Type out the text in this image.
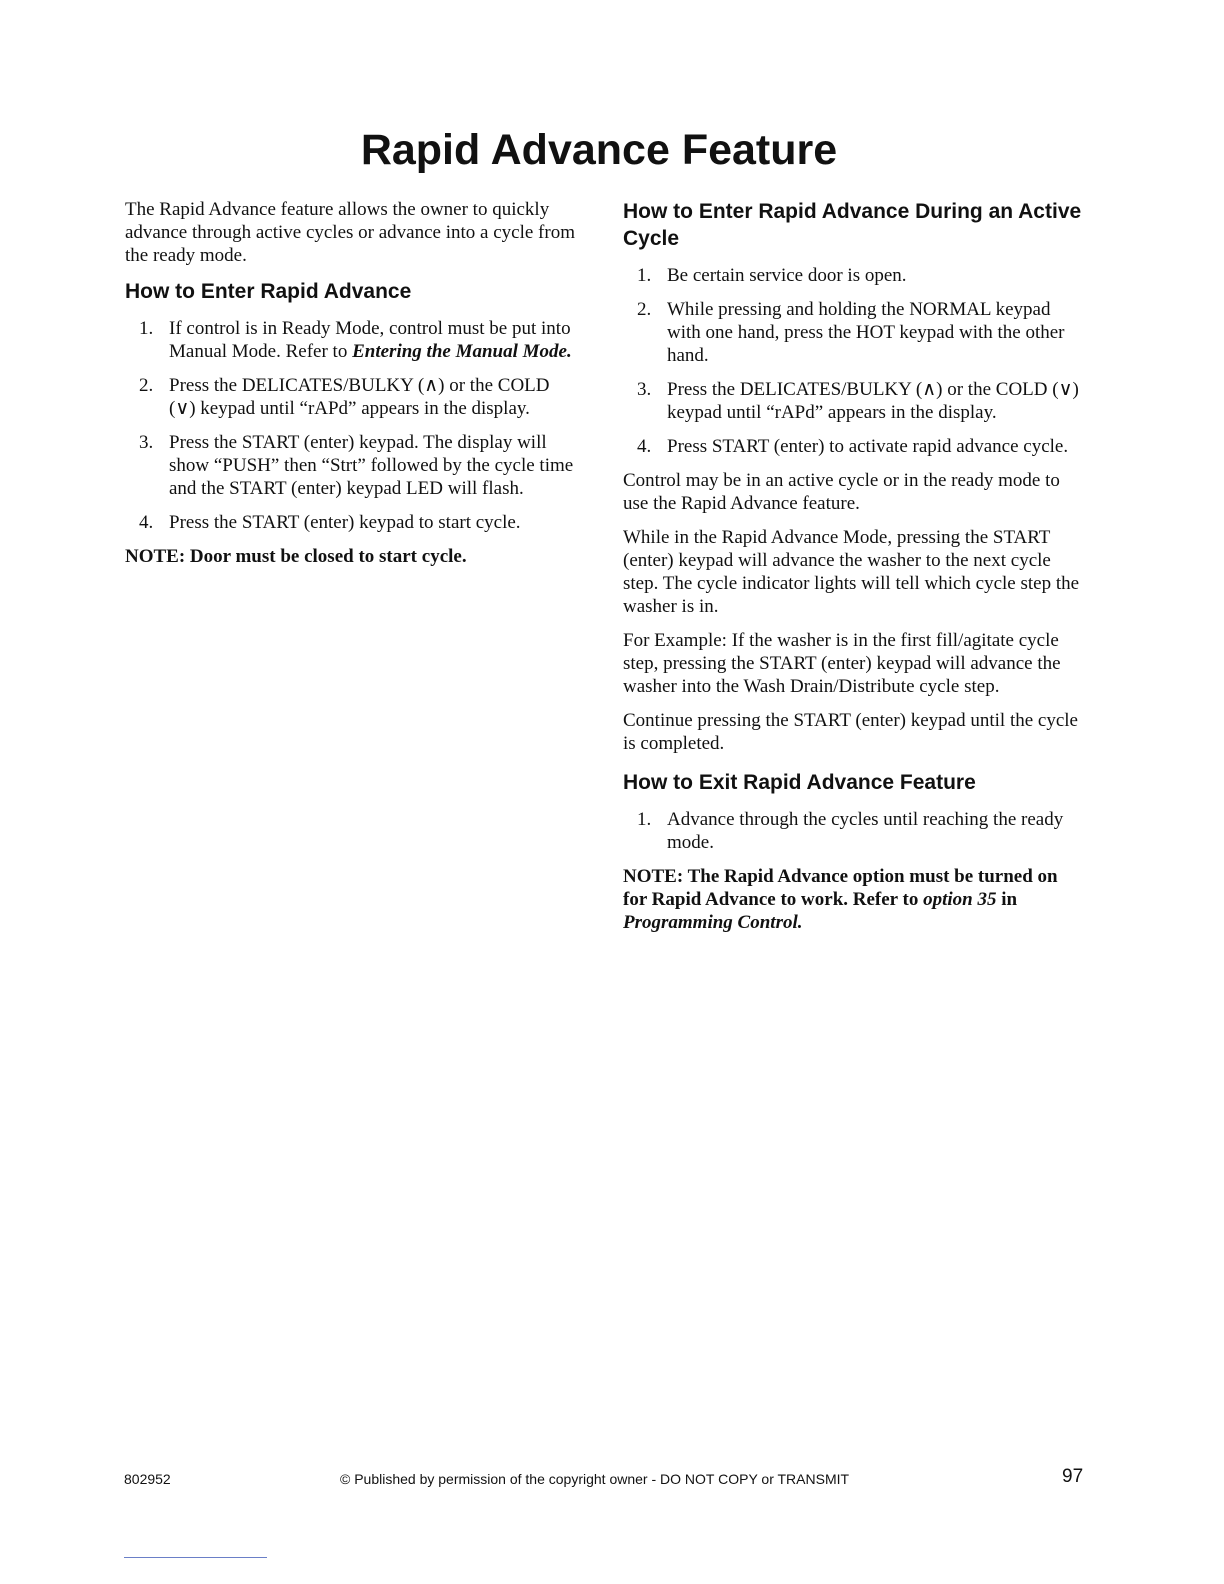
Rapid Advance Feature

The Rapid Advance feature allows the owner to quickly advance through active cycles or advance into a cycle from the ready mode.

How to Enter Rapid Advance
1. If control is in Ready Mode, control must be put into Manual Mode. Refer to Entering the Manual Mode.
2. Press the DELICATES/BULKY (∧) or the COLD (∨) keypad until “rAPd” appears in the display.
3. Press the START (enter) keypad. The display will show “PUSH” then “Strt” followed by the cycle time and the START (enter) keypad LED will flash.
4. Press the START (enter) keypad to start cycle.

NOTE: Door must be closed to start cycle.

How to Enter Rapid Advance During an Active Cycle
1. Be certain service door is open.
2. While pressing and holding the NORMAL keypad with one hand, press the HOT keypad with the other hand.
3. Press the DELICATES/BULKY (∧) or the COLD (∨) keypad until “rAPd” appears in the display.
4. Press START (enter) to activate rapid advance cycle.

Control may be in an active cycle or in the ready mode to use the Rapid Advance feature.

While in the Rapid Advance Mode, pressing the START (enter) keypad will advance the washer to the next cycle step. The cycle indicator lights will tell which cycle step the washer is in.

For Example: If the washer is in the first fill/agitate cycle step, pressing the START (enter) keypad will advance the washer into the Wash Drain/Distribute cycle step.

Continue pressing the START (enter) keypad until the cycle is completed.

How to Exit Rapid Advance Feature
1. Advance through the cycles until reaching the ready mode.

NOTE: The Rapid Advance option must be turned on for Rapid Advance to work. Refer to option 35 in Programming Control.

802952	© Published by permission of the copyright owner - DO NOT COPY or TRANSMIT	97
